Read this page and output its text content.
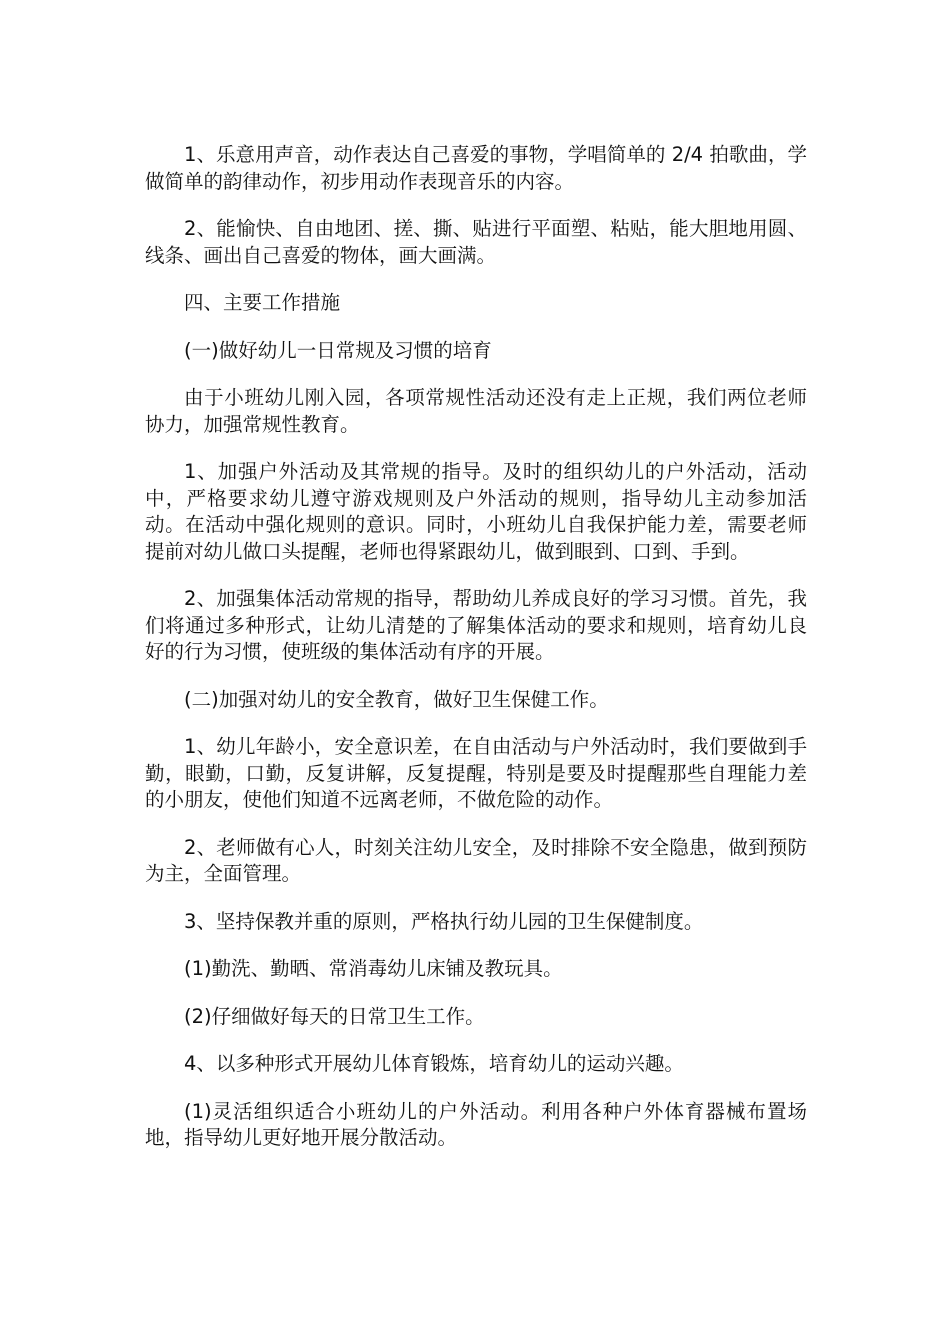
1、乐意用声音，动作表达自己喜爱的事物，学唱简单的 2/4 拍歌曲，学做简单的韵律动作，初步用动作表现音乐的内容。

2、能愉快、自由地团、搓、撕、贴进行平面塑、粘贴，能大胆地用圆、线条、画出自己喜爱的物体，画大画满。

四、主要工作措施

(一)做好幼儿一日常规及习惯的培育

由于小班幼儿刚入园，各项常规性活动还没有走上正规，我们两位老师协力，加强常规性教育。

1、加强户外活动及其常规的指导。及时的组织幼儿的户外活动，活动中，严格要求幼儿遵守游戏规则及户外活动的规则，指导幼儿主动参加活动。在活动中强化规则的意识。同时，小班幼儿自我保护能力差，需要老师提前对幼儿做口头提醒，老师也得紧跟幼儿，做到眼到、口到、手到。

2、加强集体活动常规的指导，帮助幼儿养成良好的学习习惯。首先，我们将通过多种形式，让幼儿清楚的了解集体活动的要求和规则，培育幼儿良好的行为习惯，使班级的集体活动有序的开展。

(二)加强对幼儿的安全教育，做好卫生保健工作。

1、幼儿年龄小，安全意识差，在自由活动与户外活动时，我们要做到手勤，眼勤，口勤，反复讲解，反复提醒，特别是要及时提醒那些自理能力差的小朋友，使他们知道不远离老师，不做危险的动作。

2、老师做有心人，时刻关注幼儿安全，及时排除不安全隐患，做到预防为主，全面管理。

3、坚持保教并重的原则，严格执行幼儿园的卫生保健制度。

(1)勤洗、勤晒、常消毒幼儿床铺及教玩具。

(2)仔细做好每天的日常卫生工作。

4、以多种形式开展幼儿体育锻炼，培育幼儿的运动兴趣。

(1)灵活组织适合小班幼儿的户外活动。利用各种户外体育器械布置场地，指导幼儿更好地开展分散活动。
